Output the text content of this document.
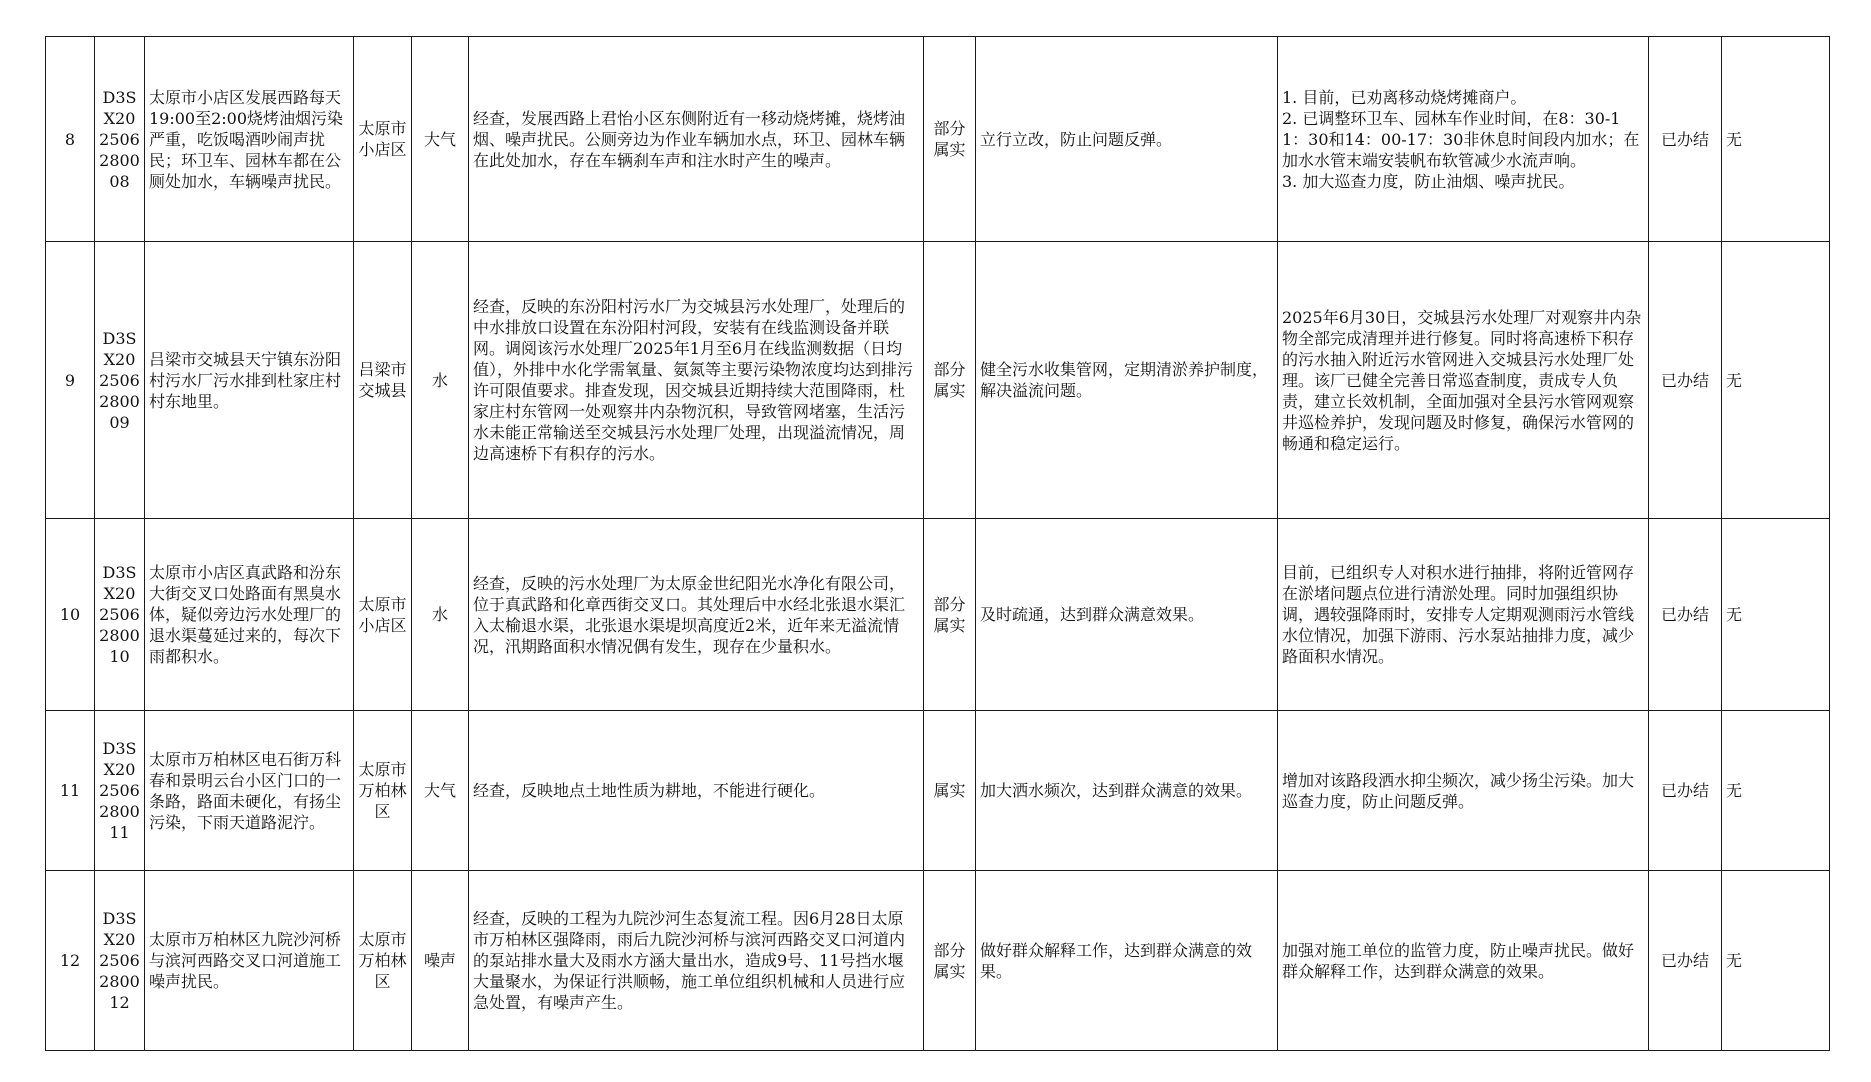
8	D3SX202506280008	太原市小店区发展西路每天19:00至2:00烧烤油烟污染严重，吃饭喝酒吵闹声扰民；环卫车、园林车都在公厕处加水，车辆噪声扰民。	太原市小店区	大气	经查，发展西路上君怡小区东侧附近有一移动烧烤摊，烧烤油烟、噪声扰民。公厕旁边为作业车辆加水点，环卫、园林车辆在此处加水，存在车辆刹车声和注水时产生的噪声。	部分属实	立行立改，防止问题反弹。	1. 目前，已劝离移动烧烤摊商户。
2. 已调整环卫车、园林车作业时间，在8：30-11：30和14：00-17：30非休息时间段内加水；在加水水管末端安装帆布软管减少水流声响。
3. 加大巡查力度，防止油烟、噪声扰民。	已办结	无
9	D3SX202506280009	吕梁市交城县天宁镇东汾阳村污水厂污水排到杜家庄村村东地里。	吕梁市交城县	水	经查，反映的东汾阳村污水厂为交城县污水处理厂，处理后的中水排放口设置在东汾阳村河段，安装有在线监测设备并联网。调阅该污水处理厂2025年1月至6月在线监测数据（日均值），外排中水化学需氧量、氨氮等主要污染物浓度均达到排污许可限值要求。排查发现，因交城县近期持续大范围降雨，杜家庄村东管网一处观察井内杂物沉积，导致管网堵塞，生活污水未能正常输送至交城县污水处理厂处理，出现溢流情况，周边高速桥下有积存的污水。	部分属实	健全污水收集管网，定期清淤养护制度，解决溢流问题。	2025年6月30日，交城县污水处理厂对观察井内杂物全部完成清理并进行修复。同时将高速桥下积存的污水抽入附近污水管网进入交城县污水处理厂处理。该厂已健全完善日常巡查制度，责成专人负责，建立长效机制，全面加强对全县污水管网观察井巡检养护，发现问题及时修复，确保污水管网的畅通和稳定运行。	已办结	无
10	D3SX202506280010	太原市小店区真武路和汾东大街交叉口处路面有黑臭水体，疑似旁边污水处理厂的退水渠蔓延过来的，每次下雨都积水。	太原市小店区	水	经查，反映的污水处理厂为太原金世纪阳光水净化有限公司，位于真武路和化章西街交叉口。其处理后中水经北张退水渠汇入太榆退水渠，北张退水渠堤坝高度近2米，近年来无溢流情况，汛期路面积水情况偶有发生，现存在少量积水。	部分属实	及时疏通，达到群众满意效果。	目前，已组织专人对积水进行抽排，将附近管网存在淤堵问题点位进行清淤处理。同时加强组织协调，遇较强降雨时，安排专人定期观测雨污水管线水位情况，加强下游雨、污水泵站抽排力度，减少路面积水情况。	已办结	无
11	D3SX202506280011	太原市万柏林区电石街万科春和景明云台小区门口的一条路，路面未硬化，有扬尘污染，下雨天道路泥泞。	太原市万柏林区	大气	经查，反映地点土地性质为耕地，不能进行硬化。	属实	加大洒水频次，达到群众满意的效果。	增加对该路段洒水抑尘频次，减少扬尘污染。加大巡查力度，防止问题反弹。	已办结	无
12	D3SX202506280012	太原市万柏林区九院沙河桥与滨河西路交叉口河道施工噪声扰民。	太原市万柏林区	噪声	经查，反映的工程为九院沙河生态复流工程。因6月28日太原市万柏林区强降雨，雨后九院沙河桥与滨河西路交叉口河道内的泵站排水量大及雨水方涵大量出水，造成9号、11号挡水堰大量聚水，为保证行洪顺畅，施工单位组织机械和人员进行应急处置，有噪声产生。	部分属实	做好群众解释工作，达到群众满意的效果。	加强对施工单位的监管力度，防止噪声扰民。做好群众解释工作，达到群众满意的效果。	已办结	无
